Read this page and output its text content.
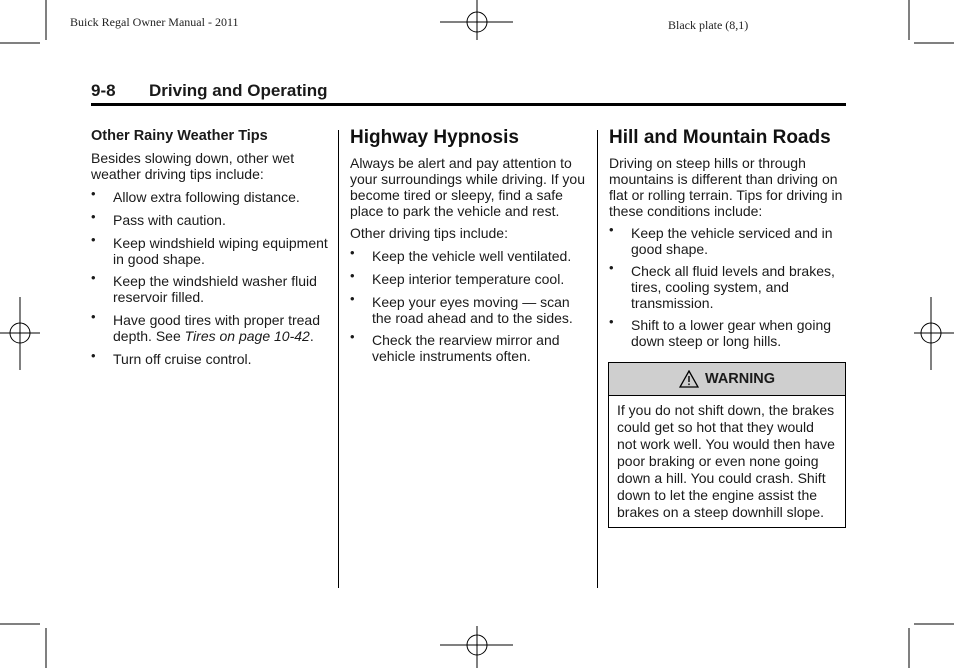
Buick Regal Owner Manual - 2011	Black plate (8,1)
9-8 Driving and Operating
Other Rainy Weather Tips

Besides slowing down, other wet weather driving tips include:

• Allow extra following distance.
• Pass with caution.
• Keep windshield wiping equipment in good shape.
• Keep the windshield washer fluid reservoir filled.
• Have good tires with proper tread depth. See Tires on page 10-42.
• Turn off cruise control.
Highway Hypnosis

Always be alert and pay attention to your surroundings while driving. If you become tired or sleepy, find a safe place to park the vehicle and rest.

Other driving tips include:

• Keep the vehicle well ventilated.
• Keep interior temperature cool.
• Keep your eyes moving — scan the road ahead and to the sides.
• Check the rearview mirror and vehicle instruments often.
Hill and Mountain Roads

Driving on steep hills or through mountains is different than driving on flat or rolling terrain. Tips for driving in these conditions include:

• Keep the vehicle serviced and in good shape.
• Check all fluid levels and brakes, tires, cooling system, and transmission.
• Shift to a lower gear when going down steep or long hills.
WARNING
If you do not shift down, the brakes could get so hot that they would not work well. You would then have poor braking or even none going down a hill. You could crash. Shift down to let the engine assist the brakes on a steep downhill slope.
